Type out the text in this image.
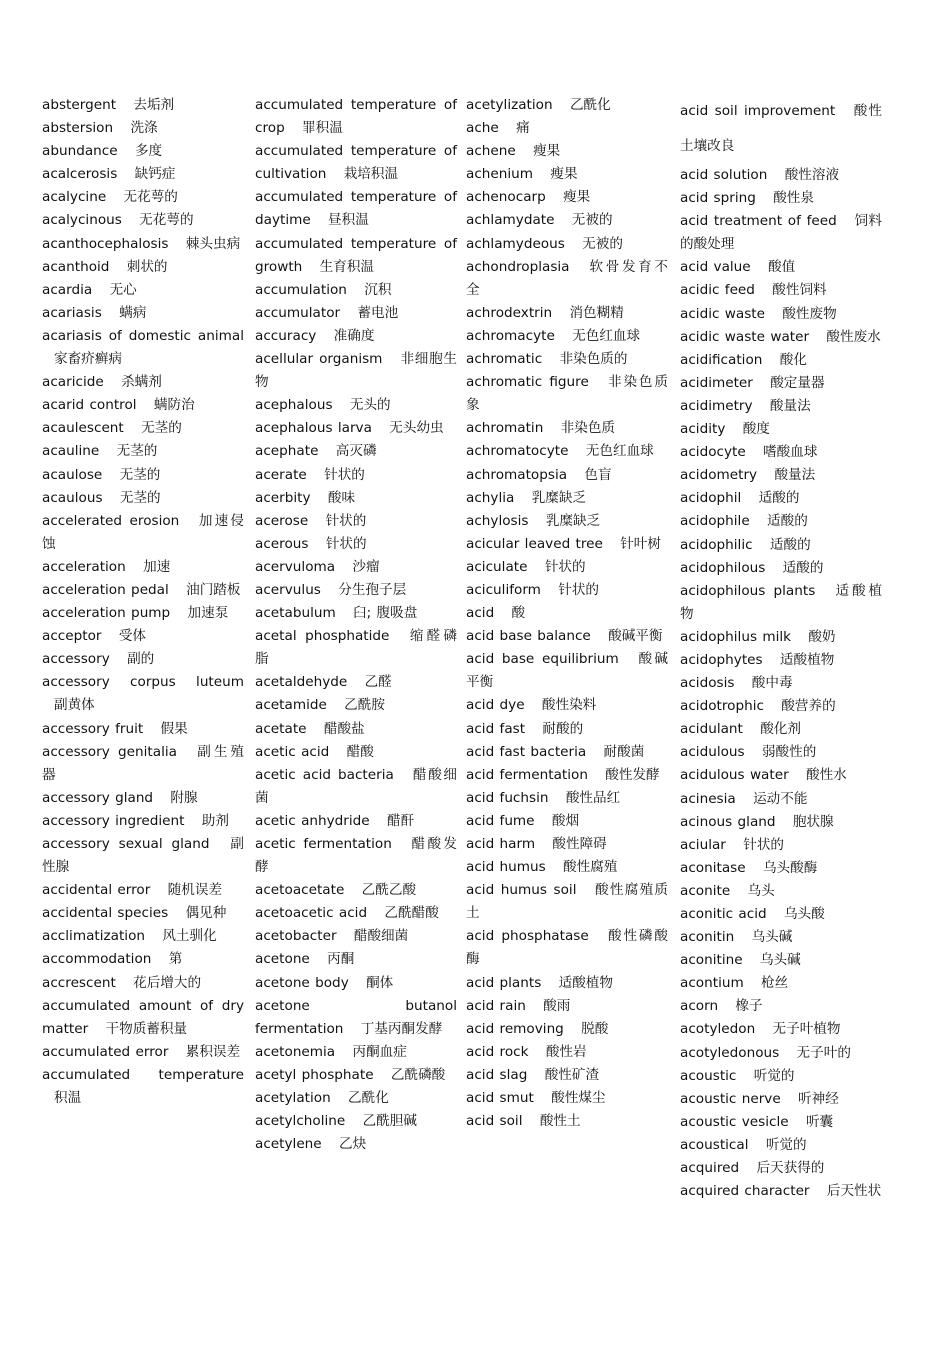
abstergent 去垢剂
abstersion 洗涤
abundance 多度
acalcerosis 缺钙症
acalycine 无花萼的
acalycinous 无花萼的
acanthocephalosis 棘头虫病
acanthoid 刺状的
acardia 无心
acariasis 螨病
acariasis of domestic animal 家畜疥癣病
acaricide 杀螨剂
acarid control 螨防治
acaulescent 无茎的
acauline 无茎的
acaulose 无茎的
acaulous 无茎的
accelerated erosion 加速侵蚀
acceleration 加速
acceleration pedal 油门踏板
acceleration pump 加速泵
acceptor 受体
accessory 副的
accessory corpus luteum 副黄体
accessory fruit 假果
accessory genitalia 副生殖器
accessory gland 附腺
accessory ingredient 助剂
accessory sexual gland 副性腺
accidental error 随机误差
accidental species 偶见种
acclimatization 风土驯化
accommodation 第
accrescent 花后增大的
accumulated amount of dry matter 干物质蓄积量
accumulated error 累积误差
accumulated temperature 积温
accumulated temperature of crop 罪积温
accumulated temperature of cultivation 栽培积温
accumulated temperature of daytime 昼积温
accumulated temperature of growth 生育积温
accumulation 沉积
accumulator 蓄电池
accuracy 准确度
acellular organism 非细胞生物
acephalous 无头的
acephalous larva 无头幼虫
acephate 高灭磷
acerate 针状的
acerbity 酸味
acerose 针状的
acerous 针状的
acervuloma 沙瘤
acervulus 分生孢子层
acetabulum 臼; 腹吸盘
acetal phosphatide 缩醛磷脂
acetaldehyde 乙醛
acetamide 乙酰胺
acetate 醋酸盐
acetic acid 醋酸
acetic acid bacteria 醋酸细菌
acetic anhydride 醋酐
acetic fermentation 醋酸发酵
acetoacetate 乙酰乙酸
acetoacetic acid 乙酰醋酸
acetobacter 醋酸细菌
acetone 丙酮
acetone body 酮体
acetone butanol fermentation 丁基丙酮发酵
acetonemia 丙酮血症
acetyl phosphate 乙酰磷酸
acetylation 乙酰化
acetylcholine 乙酰胆碱
acetylene 乙炔
acetylization 乙酰化
ache 痛
achene 瘦果
achenium 瘦果
achenocarp 瘦果
achlamydate 无被的
achlamydeous 无被的
achondroplasia 软骨发育不全
achrodextrin 消色糊精
achromacyte 无色红血球
achromatic 非染色质的
achromatic figure 非染色质象
achromatin 非染色质
achromatocyte 无色红血球
achromatopsia 色盲
achylia 乳糜缺乏
achylosis 乳糜缺乏
acicular leaved tree 针叶树
aciculate 针状的
aciculiform 针状的
acid 酸
acid base balance 酸碱平衡
acid base equilibrium 酸碱平衡
acid dye 酸性染料
acid fast 耐酸的
acid fast bacteria 耐酸菌
acid fermentation 酸性发酵
acid fuchsin 酸性品红
acid fume 酸烟
acid harm 酸性障碍
acid humus 酸性腐殖
acid humus soil 酸性腐殖质土
acid phosphatase 酸性磷酸酶
acid plants 适酸植物
acid rain 酸雨
acid removing 脱酸
acid rock 酸性岩
acid slag 酸性矿渣
acid smut 酸性煤尘
acid soil 酸性土
acid soil improvement 酸性土壤改良
acid solution 酸性溶液
acid spring 酸性泉
acid treatment of feed 饲料的酸处理
acid value 酸值
acidic feed 酸性饲料
acidic waste 酸性废物
acidic waste water 酸性废水
acidification 酸化
acidimeter 酸定量器
acidimetry 酸量法
acidity 酸度
acidocyte 嗜酸血球
acidometry 酸量法
acidophil 适酸的
acidophile 适酸的
acidophilic 适酸的
acidophilous 适酸的
acidophilous plants 适酸植物
acidophilus milk 酸奶
acidophytes 适酸植物
acidosis 酸中毒
acidotrophic 酸营养的
acidulant 酸化剂
acidulous 弱酸性的
acidulous water 酸性水
acinesia 运动不能
acinous gland 胞状腺
aciular 针状的
aconitase 乌头酸酶
aconite 乌头
aconitic acid 乌头酸
aconitin 乌头碱
aconitine 乌头碱
acontium 枪丝
acorn 橡子
acotyledon 无子叶植物
acotyledonous 无子叶的
acoustic 听觉的
acoustic nerve 听神经
acoustic vesicle 听囊
acoustical 听觉的
acquired 后天获得的
acquired character 后天性状
